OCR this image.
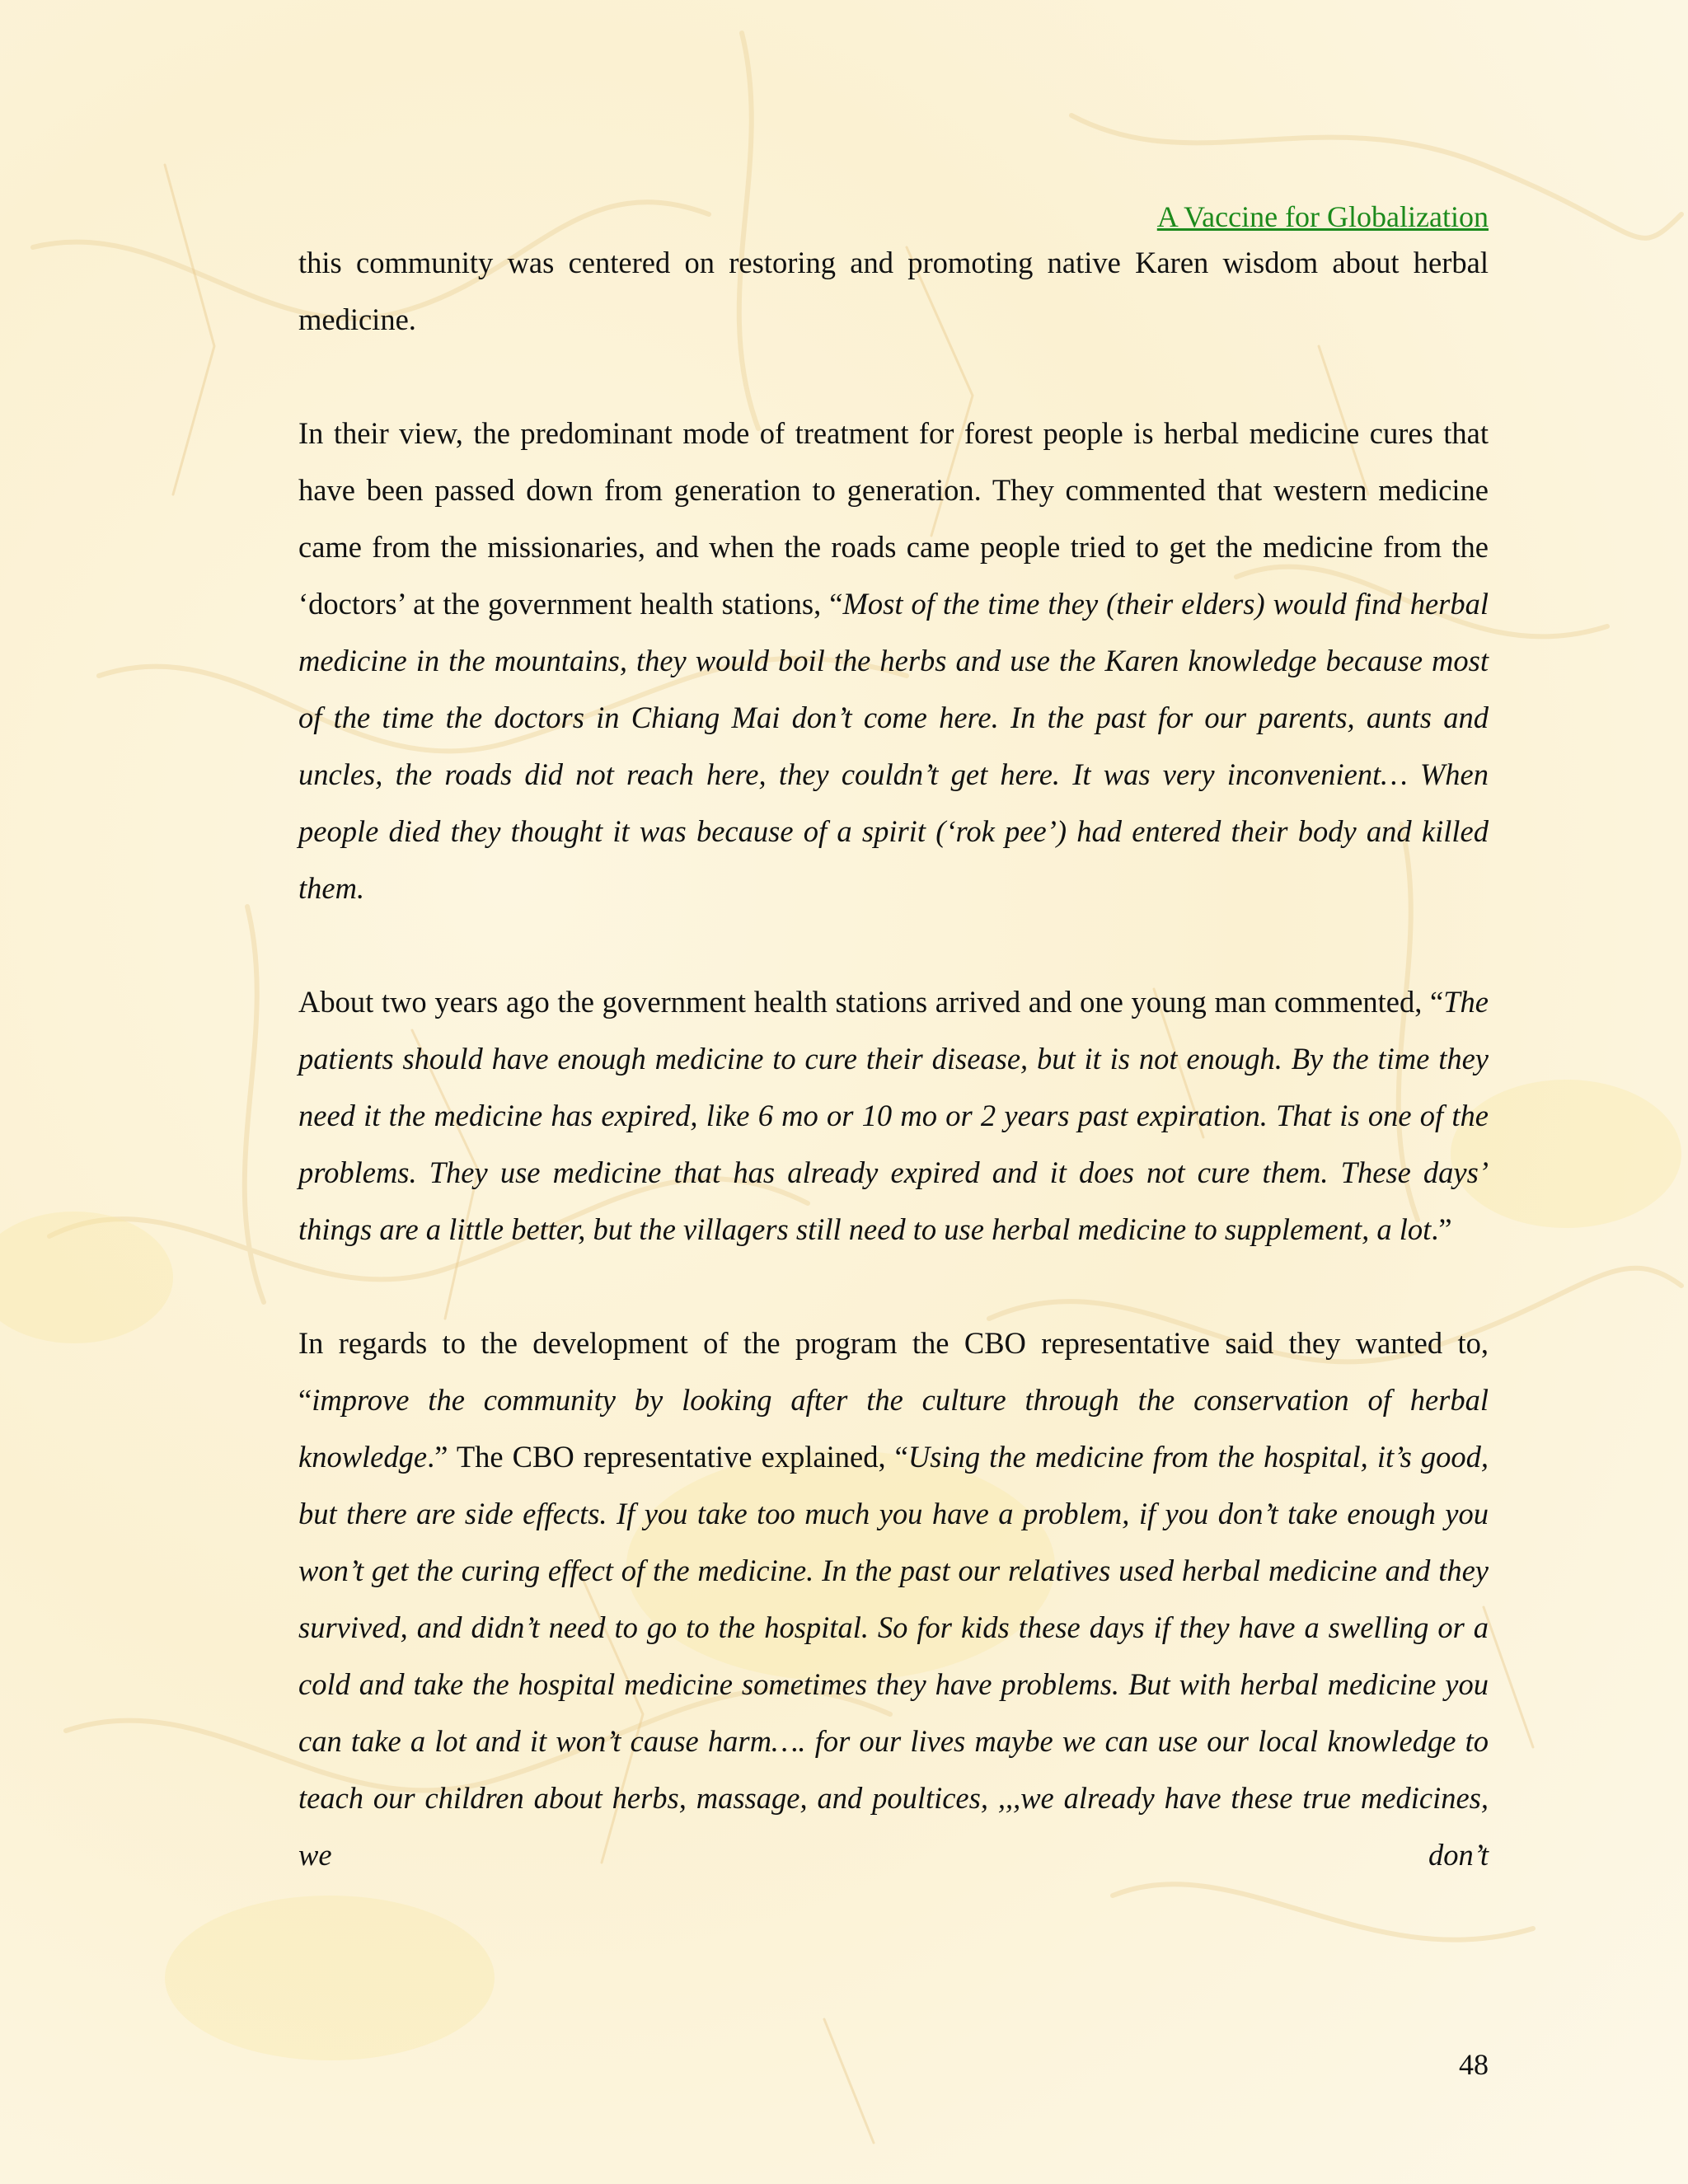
A Vaccine for Globalization

this community was centered on restoring and promoting native Karen wisdom about herbal medicine.

In their view, the predominant mode of treatment for forest people is herbal medicine cures that have been passed down from generation to generation. They commented that western medicine came from the missionaries, and when the roads came people tried to get the medicine from the ‘doctors’ at the government health stations, “Most of the time they (their elders) would find herbal medicine in the mountains, they would boil the herbs and use the Karen knowledge because most of the time the doctors in Chiang Mai don’t come here. In the past for our parents, aunts and uncles, the roads did not reach here, they couldn’t get here. It was very inconvenient… When people died they thought it was because of a spirit (‘rok pee’) had entered their body and killed them.

About two years ago the government health stations arrived and one young man commented, “The patients should have enough medicine to cure their disease, but it is not enough. By the time they need it the medicine has expired, like 6 mo or 10 mo or 2 years past expiration. That is one of the problems. They use medicine that has already expired and it does not cure them. These days’ things are a little better, but the villagers still need to use herbal medicine to supplement, a lot.”

In regards to the development of the program the CBO representative said they wanted to, “improve the community by looking after the culture through the conservation of herbal knowledge.” The CBO representative explained, “Using the medicine from the hospital, it’s good, but there are side effects. If you take too much you have a problem, if you don’t take enough you won’t get the curing effect of the medicine. In the past our relatives used herbal medicine and they survived, and didn’t need to go to the hospital. So for kids these days if they have a swelling or a cold and take the hospital medicine sometimes they have problems. But with herbal medicine you can take a lot and it won’t cause harm…. for our lives maybe we can use our local knowledge to teach our children about herbs, massage, and poultices, ,,,we already have these true medicines, we don’t

48
